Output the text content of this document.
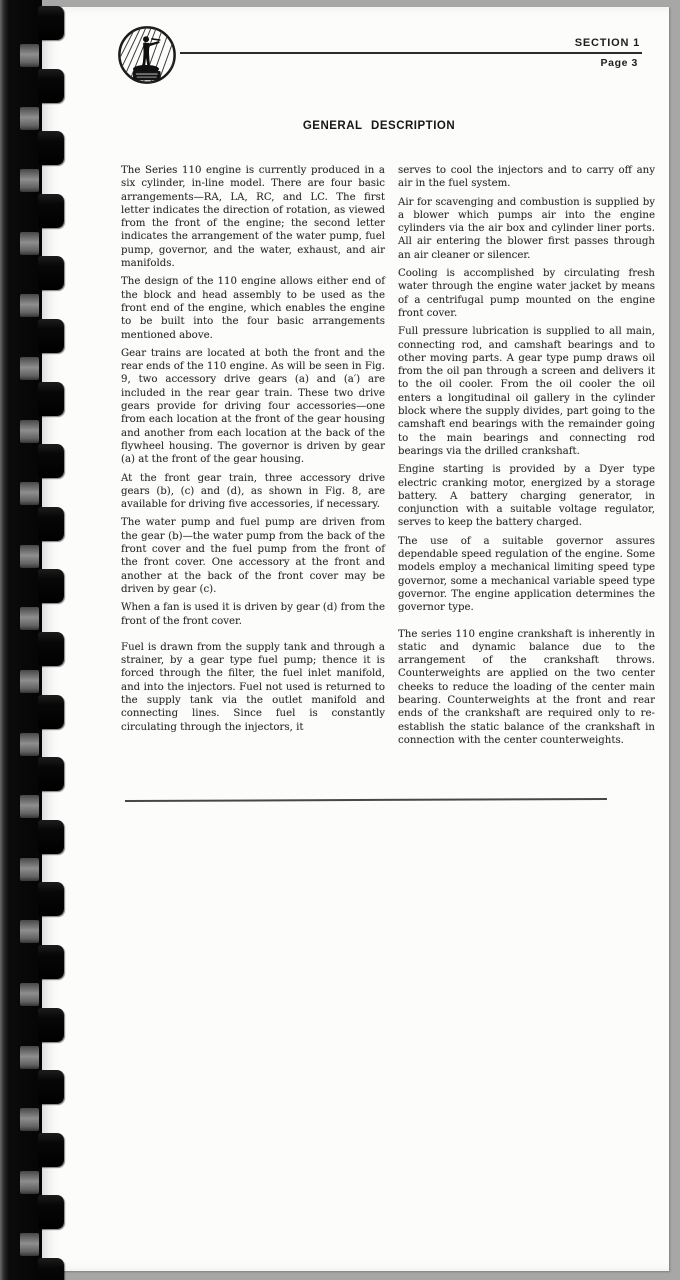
SECTION 1
Page 3
GENERAL DESCRIPTION

The Series 110 engine is currently produced in a six cylinder, in-line model. There are four basic arrangements—RA, LA, RC, and LC. The first letter indicates the direction of rotation, as viewed from the front of the engine; the second letter indicates the arrangement of the water pump, fuel pump, governor, and the water, exhaust, and air manifolds.

The design of the 110 engine allows either end of the block and head assembly to be used as the front end of the engine, which enables the engine to be built into the four basic arrangements mentioned above.

Gear trains are located at both the front and the rear ends of the 110 engine. As will be seen in Fig. 9, two accessory drive gears (a) and (a′) are included in the rear gear train. These two drive gears provide for driving four accessories—one from each location at the front of the gear housing and another from each location at the back of the flywheel housing. The governor is driven by gear (a) at the front of the gear housing.

At the front gear train, three accessory drive gears (b), (c) and (d), as shown in Fig. 8, are available for driving five accessories, if necessary.

The water pump and fuel pump are driven from the gear (b)—the water pump from the back of the front cover and the fuel pump from the front of the front cover. One accessory at the front and another at the back of the front cover may be driven by gear (c).

When a fan is used it is driven by gear (d) from the front of the front cover.

Fuel is drawn from the supply tank and through a strainer, by a gear type fuel pump; thence it is forced through the filter, the fuel inlet manifold, and into the injectors. Fuel not used is returned to the supply tank via the outlet manifold and connecting lines. Since fuel is constantly circulating through the injectors, it

serves to cool the injectors and to carry off any air in the fuel system.

Air for scavenging and combustion is supplied by a blower which pumps air into the engine cylinders via the air box and cylinder liner ports. All air entering the blower first passes through an air cleaner or silencer.

Cooling is accomplished by circulating fresh water through the engine water jacket by means of a centrifugal pump mounted on the engine front cover.

Full pressure lubrication is supplied to all main, connecting rod, and camshaft bearings and to other moving parts. A gear type pump draws oil from the oil pan through a screen and delivers it to the oil cooler. From the oil cooler the oil enters a longitudinal oil gallery in the cylinder block where the supply divides, part going to the camshaft end bearings with the remainder going to the main bearings and connecting rod bearings via the drilled crankshaft.

Engine starting is provided by a Dyer type electric cranking motor, energized by a storage battery. A battery charging generator, in conjunction with a suitable voltage regulator, serves to keep the battery charged.

The use of a suitable governor assures dependable speed regulation of the engine. Some models employ a mechanical limiting speed type governor, some a mechanical variable speed type governor. The engine application determines the governor type.

The series 110 engine crankshaft is inherently in static and dynamic balance due to the arrangement of the crankshaft throws. Counterweights are applied on the two center cheeks to reduce the loading of the center main bearing. Counterweights at the front and rear ends of the crankshaft are required only to re-establish the static balance of the crankshaft in connection with the center counterweights.
